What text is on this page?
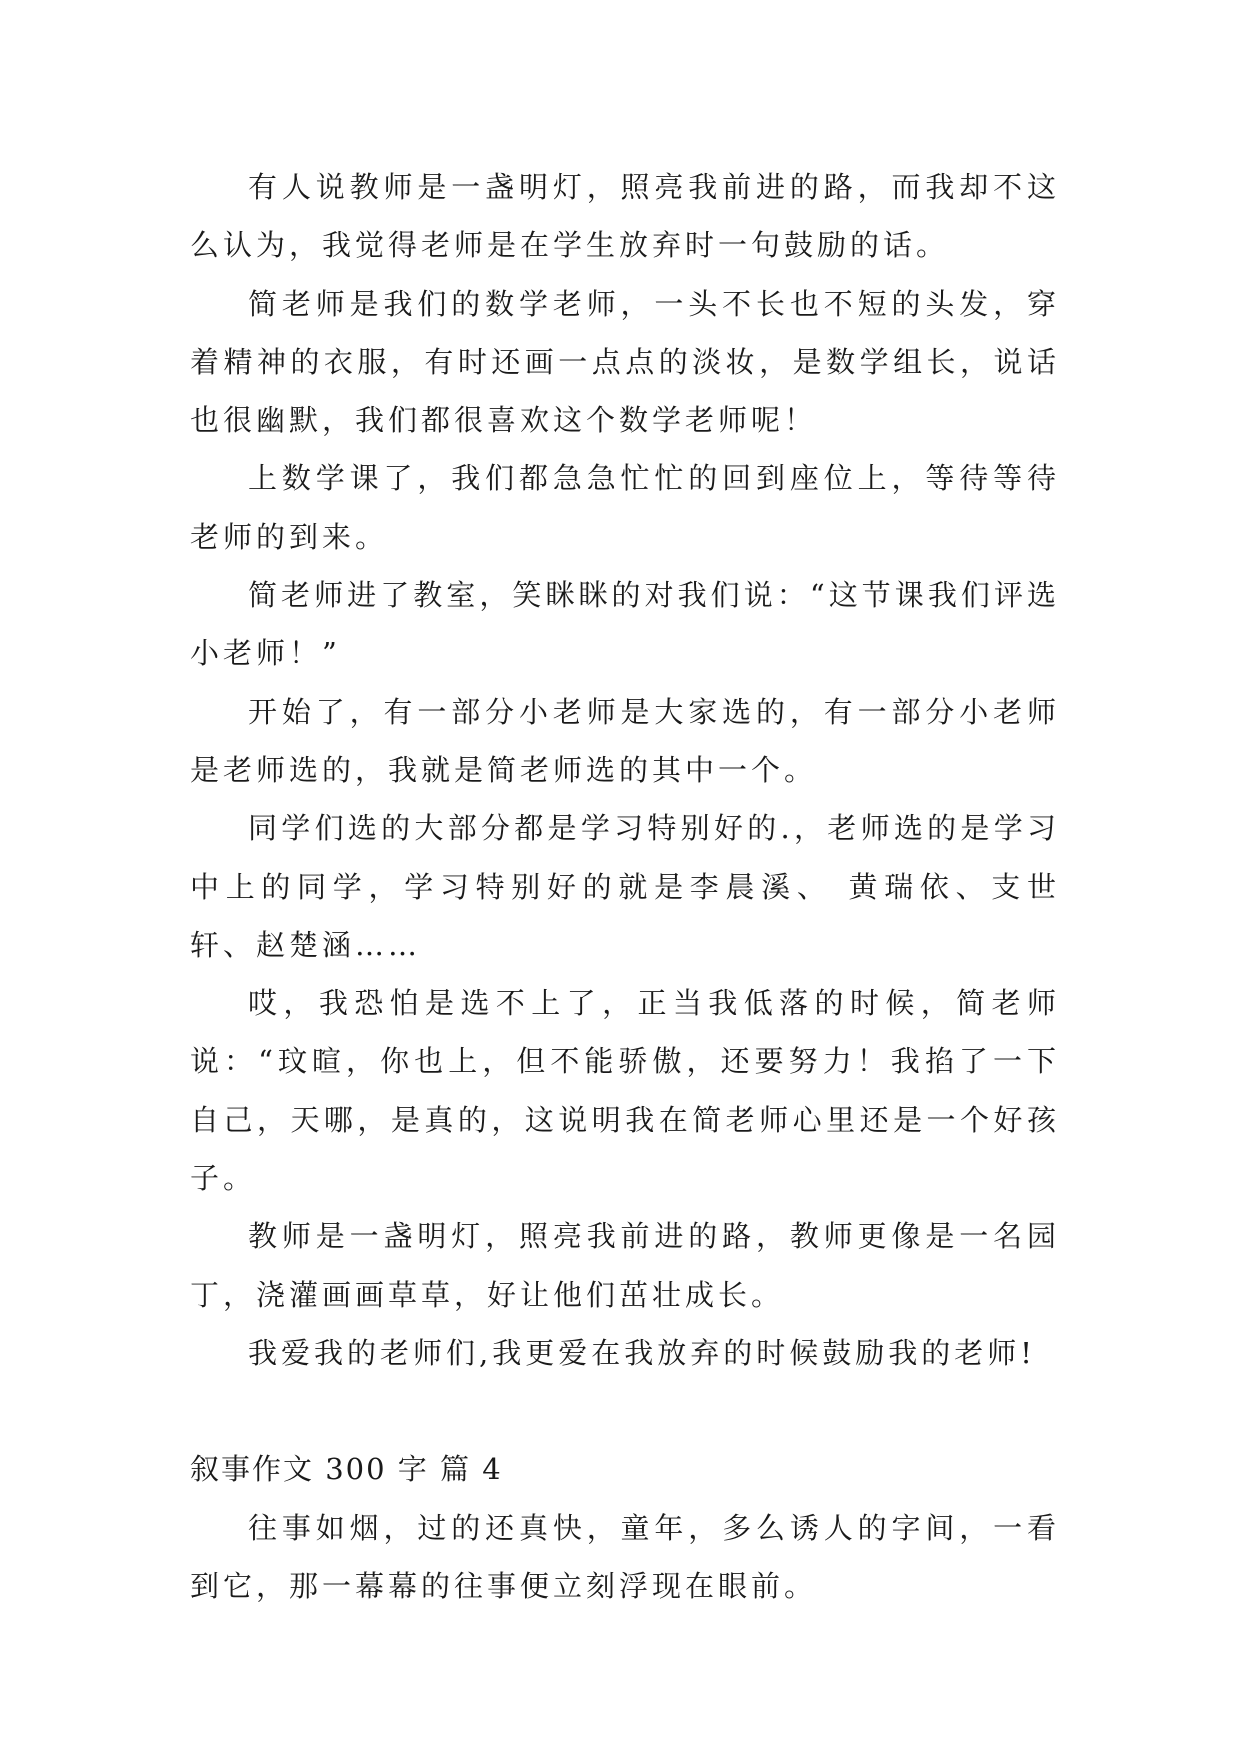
有人说教师是一盏明灯，照亮我前进的路，而我却不这么认为，我觉得老师是在学生放弃时一句鼓励的话。

简老师是我们的数学老师，一头不长也不短的头发，穿着精神的衣服，有时还画一点点的淡妆，是数学组长，说话也很幽默，我们都很喜欢这个数学老师呢！

上数学课了，我们都急急忙忙的回到座位上，等待等待老师的到来。

简老师进了教室，笑眯眯的对我们说：“这节课我们评选小老师！”

开始了，有一部分小老师是大家选的，有一部分小老师是老师选的，我就是简老师选的其中一个。

同学们选的大部分都是学习特别好的.，老师选的是学习中上的同学，学习特别好的就是李晨溪、 黄瑞依、支世轩、赵楚涵……

哎，我恐怕是选不上了，正当我低落的时候，简老师说：“玟暄，你也上，但不能骄傲，还要努力！我掐了一下自己，天哪，是真的，这说明我在简老师心里还是一个好孩子。

教师是一盏明灯，照亮我前进的路，教师更像是一名园丁，浇灌画画草草，好让他们茁壮成长。

我爱我的老师们,我更爱在我放弃的时候鼓励我的老师!

叙事作文 300 字 篇 4

往事如烟，过的还真快，童年，多么诱人的字间，一看到它，那一幕幕的往事便立刻浮现在眼前。
